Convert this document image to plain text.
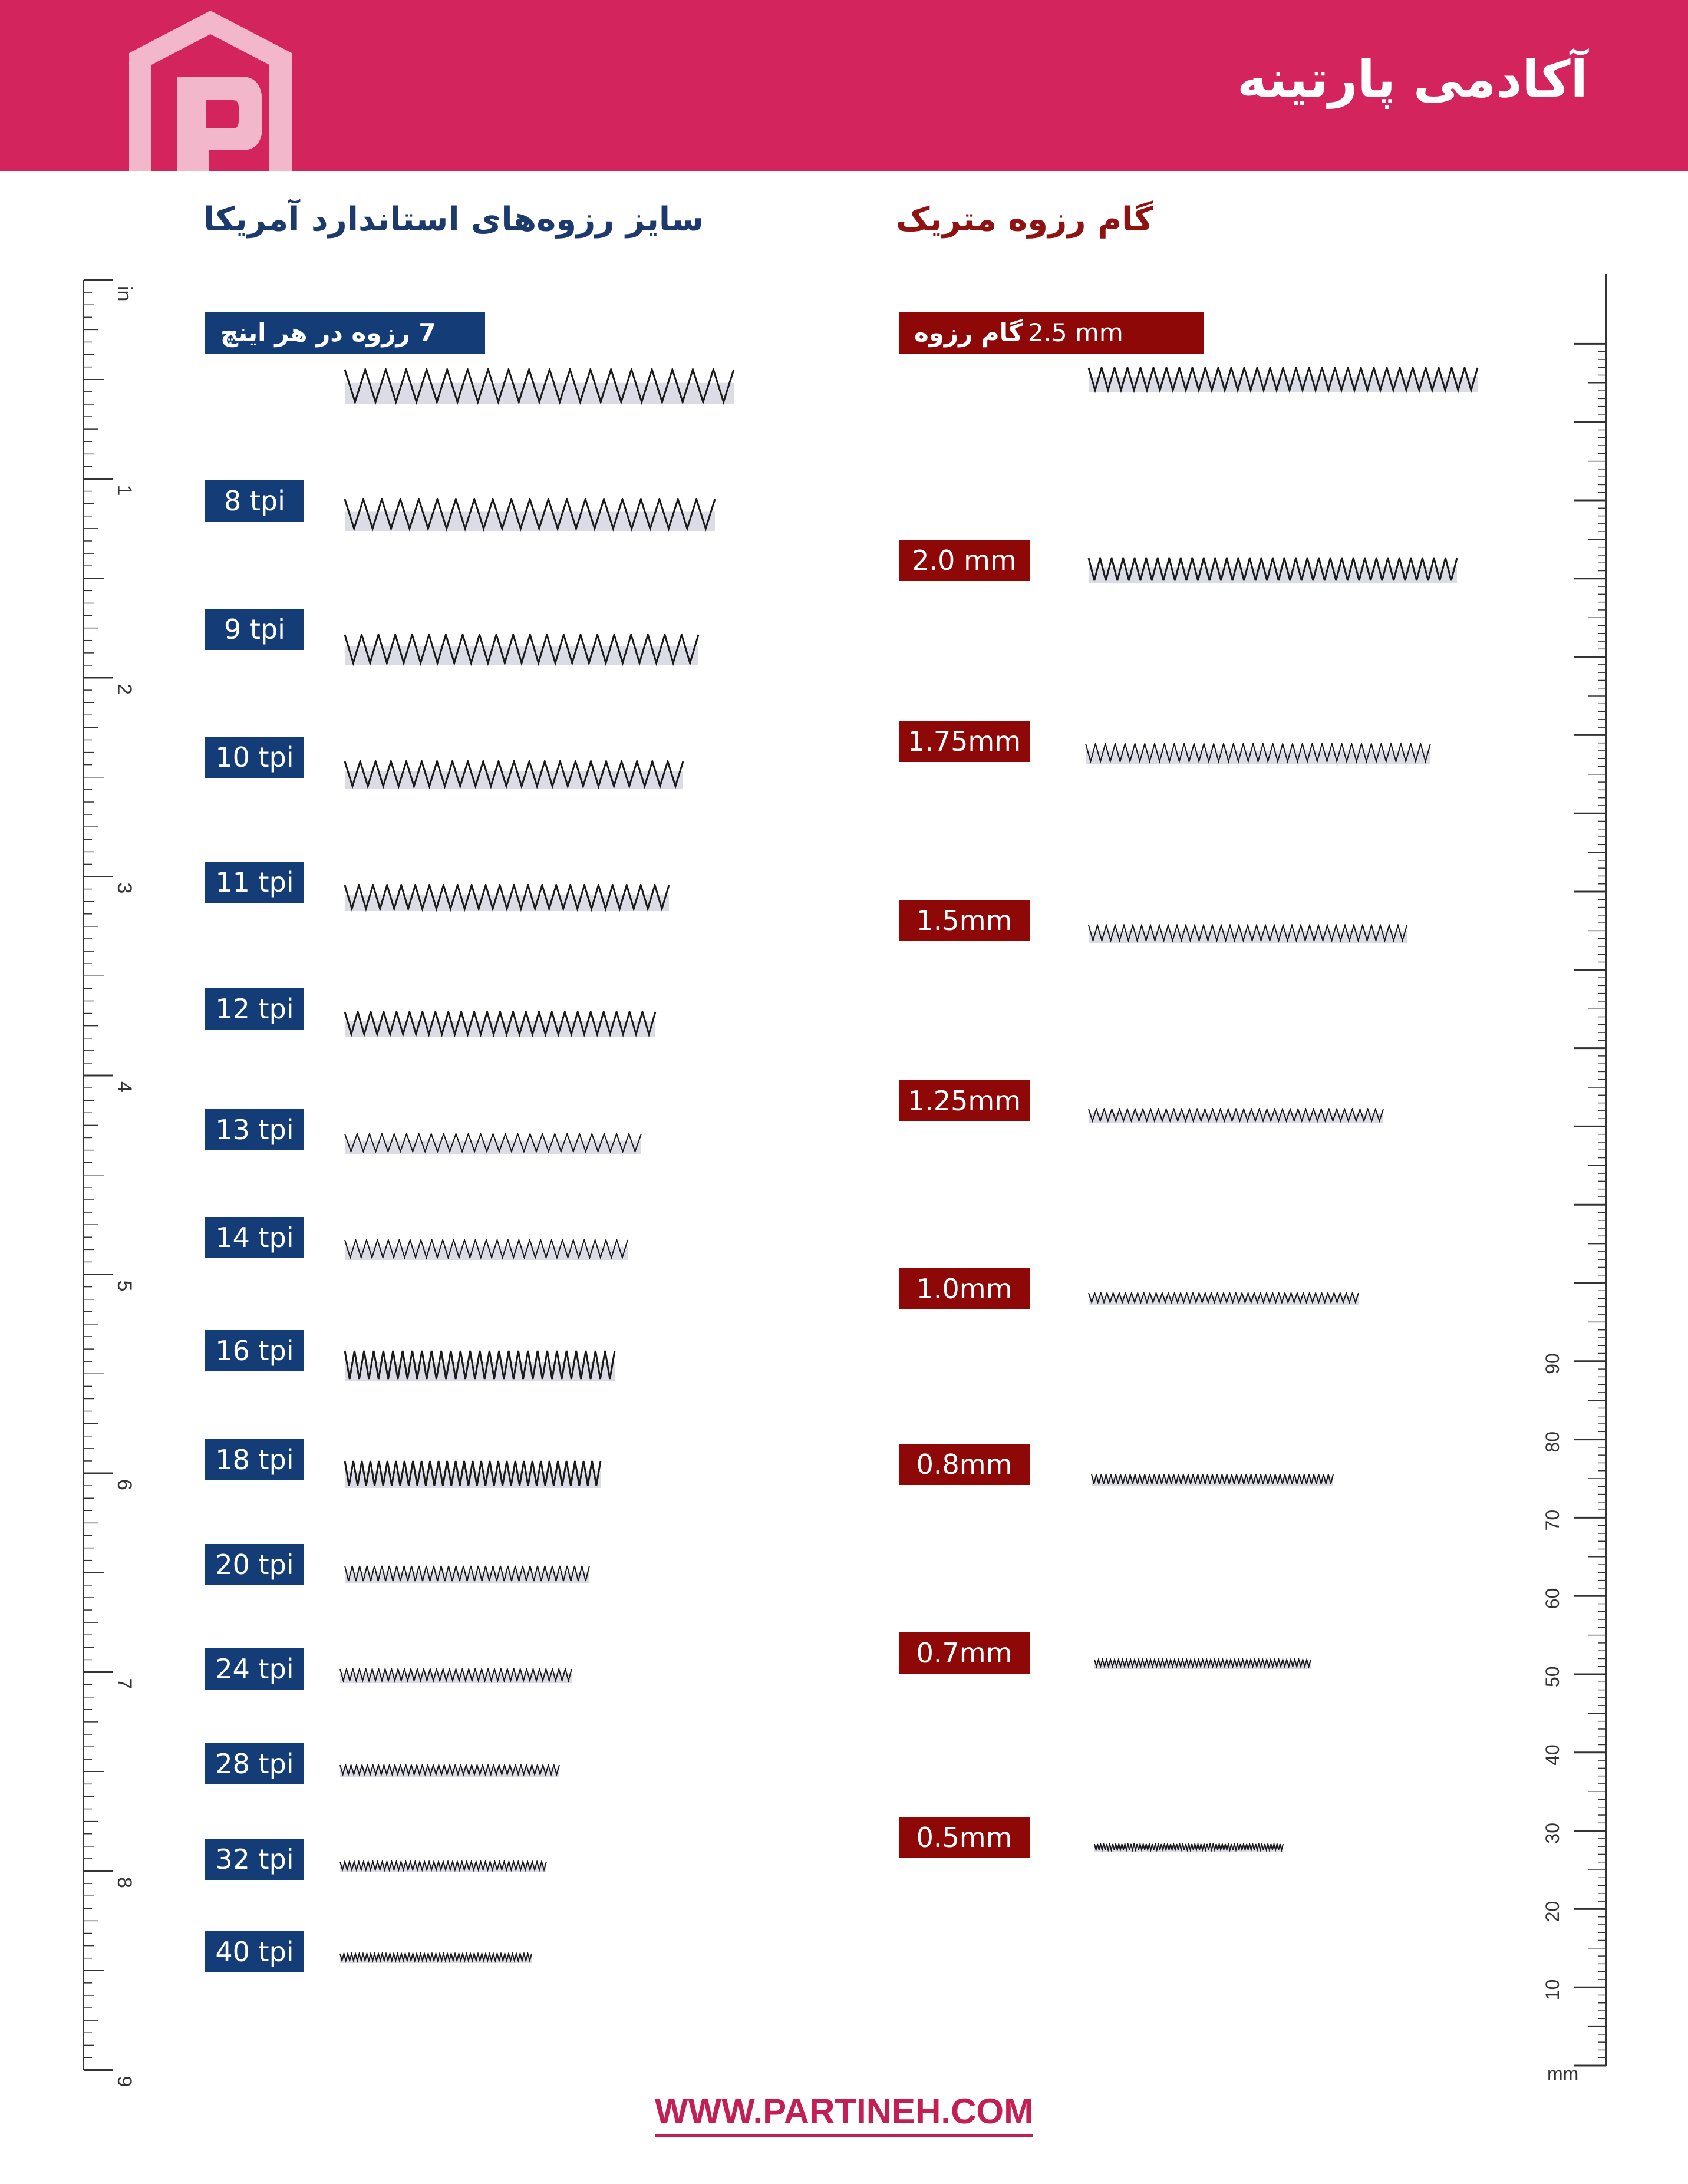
آکادمی پارتینه
سایز رزوه‌های استاندارد آمریکا	گام رزوه متریک
7 رزوه در هر اینچ
8 tpi
9 tpi
10 tpi
11 tpi
12 tpi
13 tpi
14 tpi
16 tpi
18 tpi
20 tpi
24 tpi
28 tpi
32 tpi
40 tpi
گام رزوه 2.5 mm
2.0 mm
1.75mm
1.5mm
1.25mm
1.0mm
0.8mm
0.7mm
0.5mm
in
1
2
3
4
5
6
7
8
9
10
20
30
40
50
60
70
80
90
mm
WWW.PARTINEH.COM
